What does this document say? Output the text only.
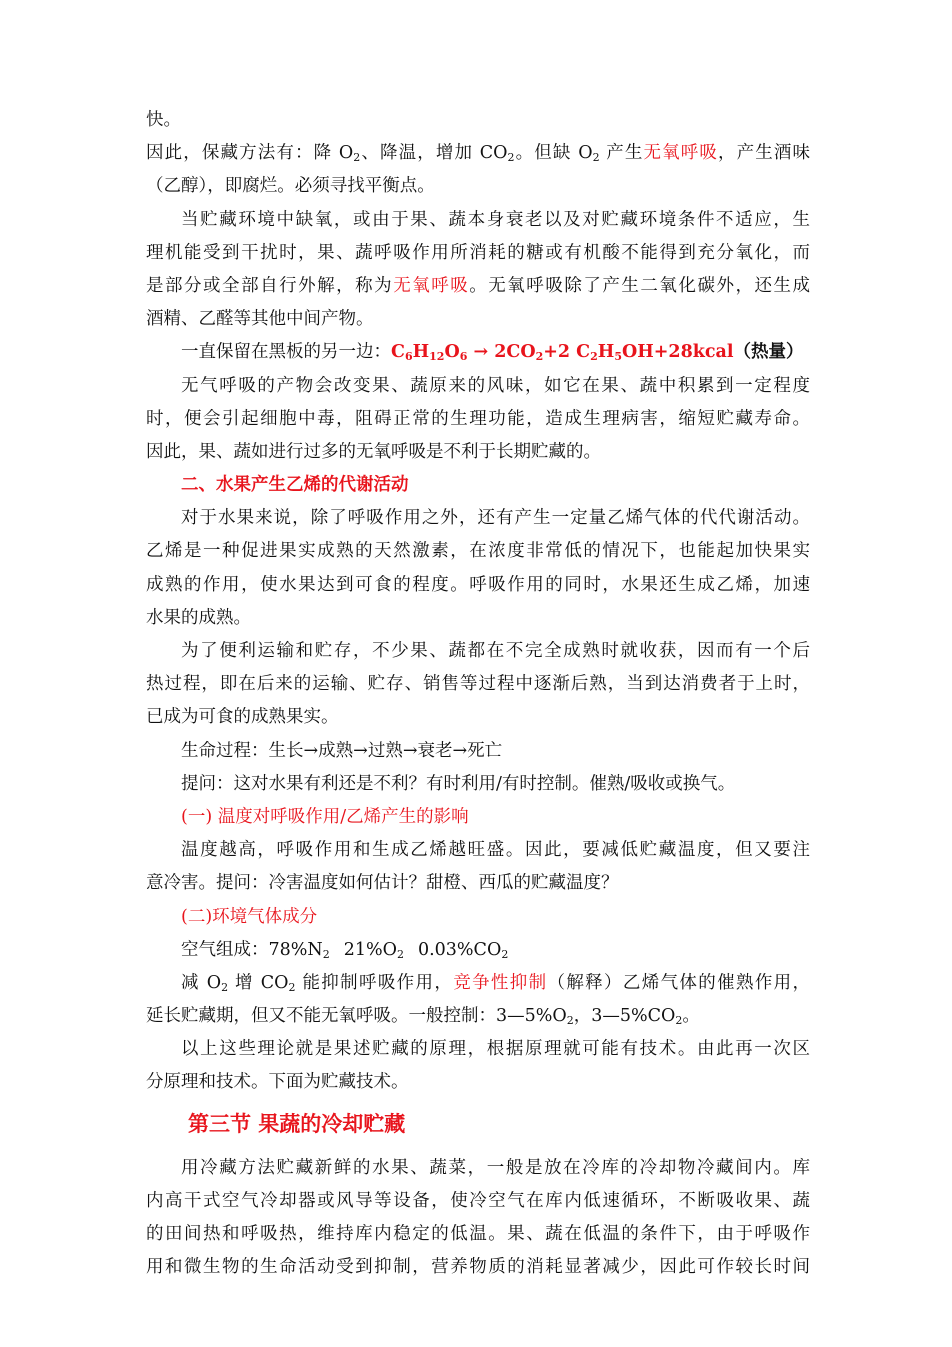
快。
因此，保藏方法有：降 $O_2$、降温，增加 $CO_2$。但缺 $O_2$ 产生无氧呼吸，产生酒味
（乙醇），即腐烂。必须寻找平衡点。
当贮藏环境中缺氧，或由于果、蔬本身衰老以及对贮藏环境条件不适应，生
理机能受到干扰时，果、蔬呼吸作用所消耗的糖或有机酸不能得到充分氧化，而
是部分或全部自行外解，称为无氧呼吸。无氧呼吸除了产生二氧化碳外，还生成
酒精、乙醛等其他中间产物。
一直保留在黑板的另一边：$C_6H_{12}O_6 \to 2CO_2+2$ $C_2H_5OH+28kcal$（热量）
无气呼吸的产物会改变果、蔬原来的风味，如它在果、蔬中积累到一定程度
时，便会引起细胞中毒，阻碍正常的生理功能，造成生理病害，缩短贮藏寿命。
因此，果、蔬如进行过多的无氧呼吸是不利于长期贮藏的。
二、水果产生乙烯的代谢活动
对于水果来说，除了呼吸作用之外，还有产生一定量乙烯气体的代代谢活动。
乙烯是一种促进果实成熟的天然激素，在浓度非常低的情况下，也能起加快果实
成熟的作用，使水果达到可食的程度。呼吸作用的同时，水果还生成乙烯，加速
水果的成熟。
为了便利运输和贮存，不少果、蔬都在不完全成熟时就收获，因而有一个后
热过程，即在后来的运输、贮存、销售等过程中逐渐后熟，当到达消费者于上时，
已成为可食的成熟果实。
生命过程：生长→成熟→过熟→衰老→死亡
提问：这对水果有利还是不利？有时利用/有时控制。催熟/吸收或换气。
(一) 温度对呼吸作用/乙烯产生的影响
温度越高，呼吸作用和生成乙烯越旺盛。因此，要减低贮藏温度，但又要注
意冷害。提问：冷害温度如何估计？甜橙、西瓜的贮藏温度？
(二)环境气体成分
空气组成：$78\%N_2$ $21\%O_2$ $0.03\%CO_2$
减 $O_2$ 增 $CO_2$ 能抑制呼吸作用，竞争性抑制（解释）乙烯气体的催熟作用，
延长贮藏期，但又不能无氧呼吸。一般控制：$3—5\%O_2$，$3—5\%CO_2$。
以上这些理论就是果述贮藏的原理，根据原理就可能有技术。由此再一次区
分原理和技术。下面为贮藏技术。
第三节 果蔬的冷却贮藏
用冷藏方法贮藏新鲜的水果、蔬菜，一般是放在冷库的冷却物冷藏间内。库
内高干式空气冷却器或风导等设备，使冷空气在库内低速循环，不断吸收果、蔬
的田间热和呼吸热，维持库内稳定的低温。果、蔬在低温的条件下，由于呼吸作
用和微生物的生命活动受到抑制，营养物质的消耗显著减少，因此可作较长时间
